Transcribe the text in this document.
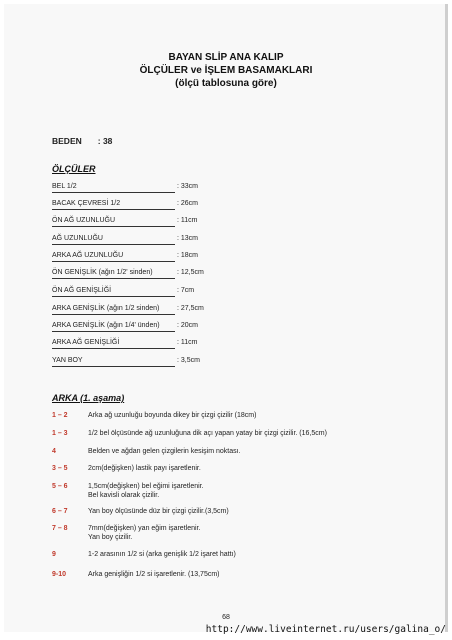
BAYAN SLİP ANA KALIP
ÖLÇÜLER ve İŞLEM BASAMAKLARI
(ölçü tablosuna göre)
BEDEN : 38
ÖLÇÜLER
BEL 1/2	: 33cm
BACAK ÇEVRESİ 1/2	: 26cm
ÖN AĞ UZUNLUĞU	: 11cm
AĞ UZUNLUĞU	: 13cm
ARKA AĞ UZUNLUĞU	: 18cm
ÖN GENİŞLİK (ağın 1/2' sinden)	: 12,5cm
ÖN AĞ GENİŞLİĞİ	: 7cm
ARKA GENİŞLİK (ağın 1/2 sinden)	: 27,5cm
ARKA GENİŞLİK (ağın 1/4' ünden) : 20cm
ARKA AĞ GENİŞLİĞİ	: 11cm
YAN BOY	: 3,5cm
ARKA (1. aşama)
1 – 2	Arka ağ uzunluğu boyunda dikey bir çizgi çizilir (18cm)
1 – 3	1/2 bel ölçüsünde ağ uzunluğuna dik açı yapan yatay bir çizgi çizilir. (16,5cm)
4	Belden ve ağdan gelen çizgilerin kesişim noktası.
3 – 5	2cm(değişken) lastik payı işaretlenir.
5 – 6	1,5cm(değişken) bel eğimi işaretlenir.
Bel kavisli olarak çizilir.
6 – 7	Yan boy ölçüsünde düz bir çizgi çizilir.(3,5cm)
7 – 8	7mm(değişken) yan eğim işaretlenir.
Yan boy çizilir.
9	1-2 arasının 1/2 si (arka genişlik 1/2 işaret hattı)
9-10	Arka genişliğin 1/2 si işaretlenir. (13,75cm)
68
http://www.liveinternet.ru/users/galina_o/
